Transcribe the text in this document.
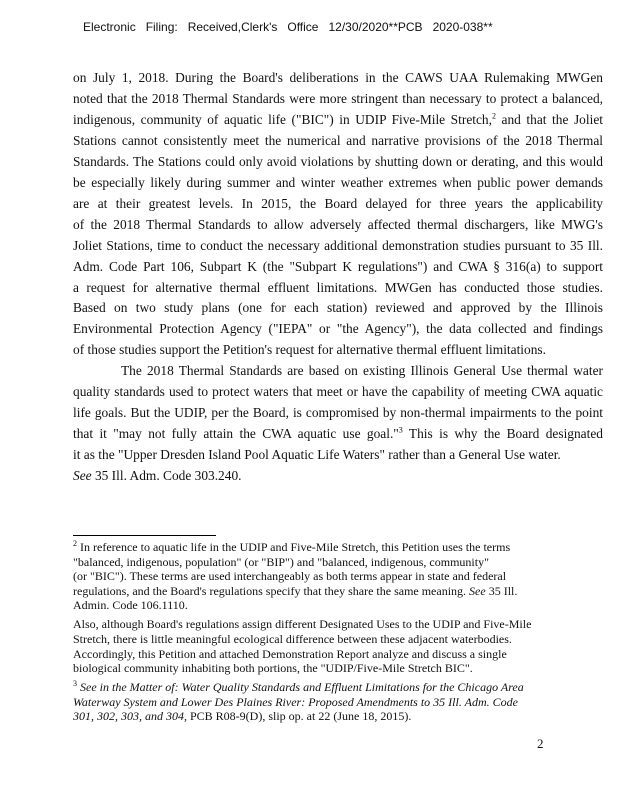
Electronic Filing: Received,Clerk's Office 12/30/2020**PCB 2020-038**
on July 1, 2018. During the Board's deliberations in the CAWS UAA Rulemaking MWGen
noted that the 2018 Thermal Standards were more stringent than necessary to protect a balanced,
indigenous, community of aquatic life ("BIC") in UDIP Five-Mile Stretch,$^2$ and that the Joliet
Stations cannot consistently meet the numerical and narrative provisions of the 2018 Thermal
Standards. The Stations could only avoid violations by shutting down or derating, and this would
be especially likely during summer and winter weather extremes when public power demands
are at their greatest levels. In 2015, the Board delayed for three years the applicability
of the 2018 Thermal Standards to allow adversely affected thermal dischargers, like MWG's
Joliet Stations, time to conduct the necessary additional demonstration studies pursuant to 35 Ill.
Adm. Code Part 106, Subpart K (the "Subpart K regulations") and CWA § 316(a) to support
a request for alternative thermal effluent limitations. MWGen has conducted those studies.
Based on two study plans (one for each station) reviewed and approved by the Illinois
Environmental Protection Agency ("IEPA" or "the Agency"), the data collected and findings
of those studies support the Petition's request for alternative thermal effluent limitations.
The 2018 Thermal Standards are based on existing Illinois General Use thermal water
quality standards used to protect waters that meet or have the capability of meeting CWA aquatic
life goals. But the UDIP, per the Board, is compromised by non-thermal impairments to the point
that it "may not fully attain the CWA aquatic use goal."$^3$ This is why the Board designated
it as the "Upper Dresden Island Pool Aquatic Life Waters" rather than a General Use water.
See 35 Ill. Adm. Code 303.240.
$^2$ In reference to aquatic life in the UDIP and Five-Mile Stretch, this Petition uses the terms
"balanced, indigenous, population" (or "BIP") and "balanced, indigenous, community"
(or "BIC"). These terms are used interchangeably as both terms appear in state and federal
regulations, and the Board's regulations specify that they share the same meaning. See 35 Ill.
Admin. Code 106.1110.
Also, although Board's regulations assign different Designated Uses to the UDIP and Five-Mile
Stretch, there is little meaningful ecological difference between these adjacent waterbodies.
Accordingly, this Petition and attached Demonstration Report analyze and discuss a single
biological community inhabiting both portions, the "UDIP/Five-Mile Stretch BIC".
$^3$ See in the Matter of: Water Quality Standards and Effluent Limitations for the Chicago Area
Waterway System and Lower Des Plaines River: Proposed Amendments to 35 Ill. Adm. Code
301, 302, 303, and 304, PCB R08-9(D), slip op. at 22 (June 18, 2015).
2
